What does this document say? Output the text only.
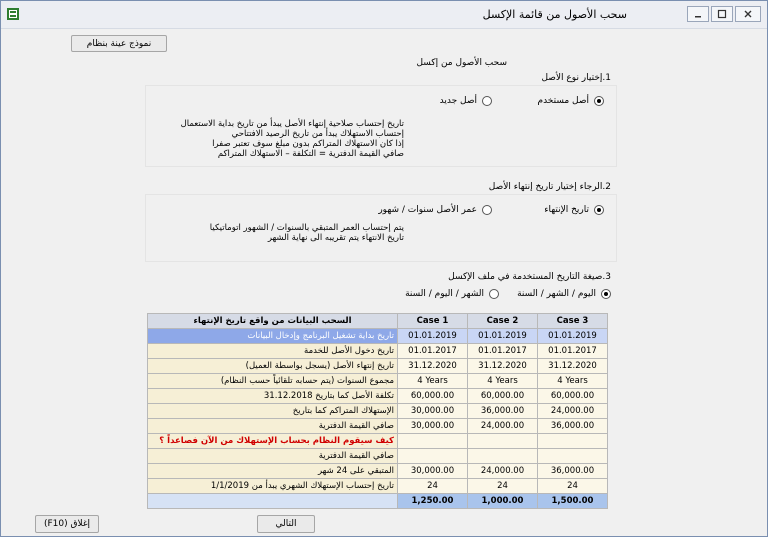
سحب الأصول من قائمة الإكسل
نموذج عينة بنظام
سحب الأصول من إكسل
1.إختيار نوع الأصل
أصل مستخدم
أصل جديد
تاريخ إحتساب صلاحية إنتهاء الأصل يبدأ من تاريخ بداية الاستعمال
إحتساب الاستهلاك يبدأ من تاريخ الرصيد الافتتاحي
إذا كان الاستهلاك المتراكم بدون مبلغ سوف تعتبر صفرا
صافي القيمة الدفترية = التكلفة – الاستهلاك المتراكم
2.الرجاء إختيار تاريخ إنتهاء الأصل
تاريخ الإنتهاء
عمر الأصل سنوات / شهور
يتم إحتساب العمر المتبقي بالسنوات / الشهور اتوماتيكيا
تاريخ الانتهاء يتم تقريبه الى نهاية الشهر
3.صيغة التاريخ المستخدمة في ملف الإكسل
اليوم / الشهر / السنة
الشهر / اليوم / السنة
السحب البيانات من واقع تاريخ الإنتهاء	Case 1	Case 2	Case 3
تاريخ بداية تشغيل البرنامج وإدخال البيانات	01.01.2019	01.01.2019	01.01.2019
تاريخ دخول الأصل للخدمة	01.01.2017	01.01.2017	01.01.2017
تاريخ إنتهاء الأصل (يسجل بواسطة العميل)	31.12.2020	31.12.2020	31.12.2020
مجموع السنوات (يتم حسابه تلقائياً حسب النظام)	4 Years	4 Years	4 Years
تكلفة الأصل كما بتاريخ 31.12.2018	60,000.00	60,000.00	60,000.00
الإستهلاك المتراكم كما بتاريخ	30,000.00	36,000.00	24,000.00
صافي القيمة الدفترية	30,000.00	24,000.00	36,000.00
كيف سيقوم النظام بحساب الإستهلاك من الآن فصاعداً ؟			
صافي القيمة الدفترية			
المتبقي على 24 شهر	30,000.00	24,000.00	36,000.00
تاريخ إحتساب الإستهلاك الشهري يبدأ من 1/1/2019	24	24	24
	1,250.00	1,000.00	1,500.00
التالي
إغلاق (F10)
